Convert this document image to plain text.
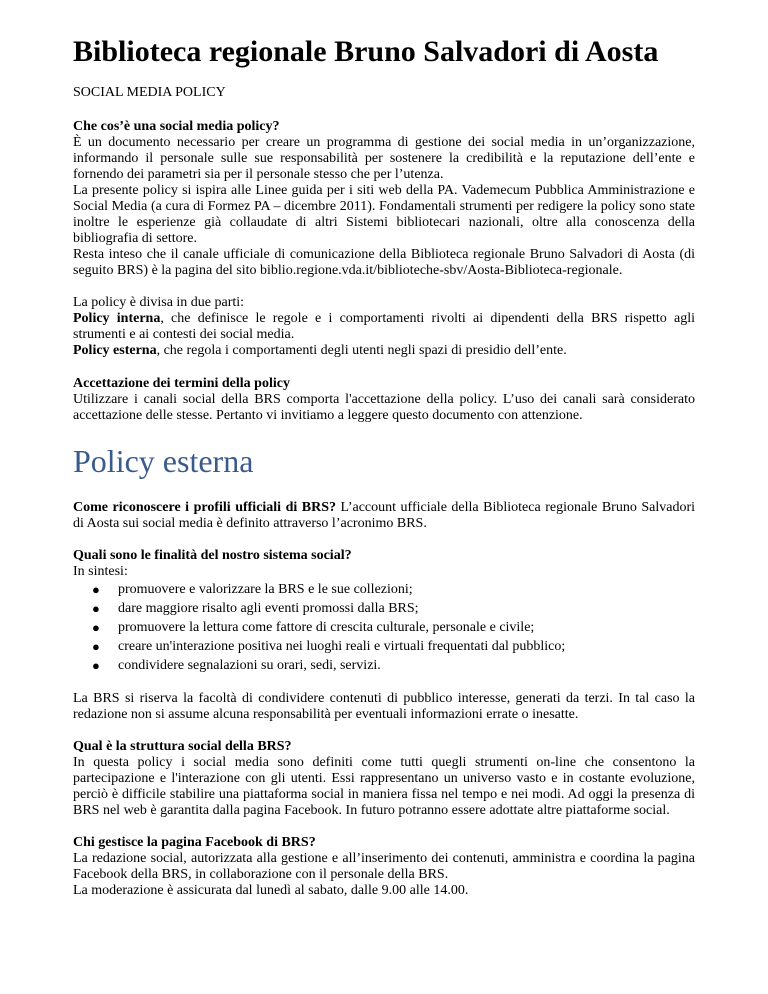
Biblioteca regionale Bruno Salvadori di Aosta
SOCIAL MEDIA POLICY
Che cos’è una social media policy?

È un documento necessario per creare un programma di gestione dei social media in un’organizzazione, informando il personale sulle sue responsabilità per sostenere la credibilità e la reputazione dell’ente e fornendo dei parametri sia per il personale stesso che per l’utenza.

La presente policy si ispira alle Linee guida per i siti web della PA. Vademecum Pubblica Amministrazione e Social Media (a cura di Formez PA – dicembre 2011). Fondamentali strumenti per redigere la policy sono state inoltre le esperienze già collaudate di altri Sistemi bibliotecari nazionali, oltre alla conoscenza della bibliografia di settore.

Resta inteso che il canale ufficiale di comunicazione della Biblioteca regionale Bruno Salvadori di Aosta (di seguito BRS) è la pagina del sito biblio.regione.vda.it/biblioteche-sbv/Aosta-Biblioteca-regionale.

La policy è divisa in due parti:

Policy interna, che definisce le regole e i comportamenti rivolti ai dipendenti della BRS rispetto agli strumenti e ai contesti dei social media.

Policy esterna, che regola i comportamenti degli utenti negli spazi di presidio dell’ente.

Accettazione dei termini della policy

Utilizzare i canali social della BRS comporta l'accettazione della policy. L’uso dei canali sarà considerato accettazione delle stesse. Pertanto vi invitiamo a leggere questo documento con attenzione.

Policy esterna

Come riconoscere i profili ufficiali di BRS? L’account ufficiale della Biblioteca regionale Bruno Salvadori di Aosta sui social media è definito attraverso l’acronimo BRS.

Quali sono le finalità del nostro sistema social?

In sintesi:

● promuovere e valorizzare la BRS e le sue collezioni;
● dare maggiore risalto agli eventi promossi dalla BRS;
● promuovere la lettura come fattore di crescita culturale, personale e civile;
● creare un'interazione positiva nei luoghi reali e virtuali frequentati dal pubblico;
● condividere segnalazioni su orari, sedi, servizi.

La BRS si riserva la facoltà di condividere contenuti di pubblico interesse, generati da terzi. In tal caso la redazione non si assume alcuna responsabilità per eventuali informazioni errate o inesatte.

Qual è la struttura social della BRS?

In questa policy i social media sono definiti come tutti quegli strumenti on-line che consentono la partecipazione e l'interazione con gli utenti. Essi rappresentano un universo vasto e in costante evoluzione, perciò è difficile stabilire una piattaforma social in maniera fissa nel tempo e nei modi. Ad oggi la presenza di BRS nel web è garantita dalla pagina Facebook. In futuro potranno essere adottate altre piattaforme social.

Chi gestisce la pagina Facebook di BRS?

La redazione social, autorizzata alla gestione e all’inserimento dei contenuti, amministra e coordina la pagina Facebook della BRS, in collaborazione con il personale della BRS.

La moderazione è assicurata dal lunedì al sabato, dalle 9.00 alle 14.00.
